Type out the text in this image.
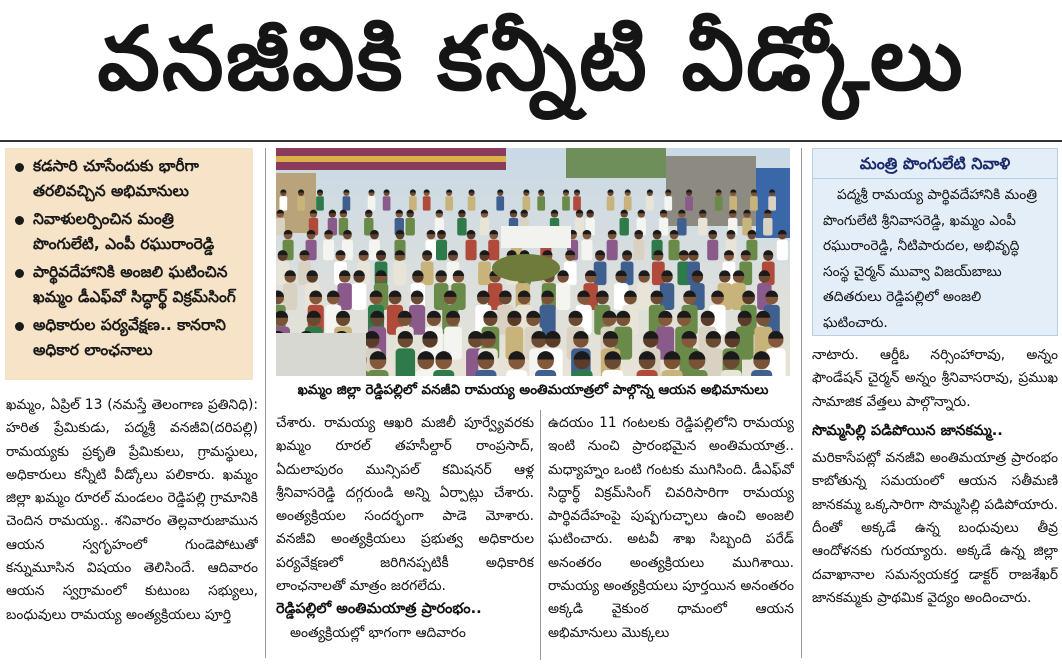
వనజీవికి కన్నీటి వీడ్కోలు
కడసారి చూసేందుకు భారీగా తరలివచ్చిన అభిమానులు
నివాళులర్పించిన మంత్రి పొంగులేటి, ఎంపీ రఘురాంరెడ్డి
పార్థివదేహానికి అంజలి ఘటించిన ఖమ్మం డీఎఫ్‌వో సిద్ధార్థ్ విక్రమ్‌సింగ్
అధికారుల పర్యవేక్షణ.. కానరాని అధికార లాంఛనాలు
ఖమ్మం జిల్లా రెడ్డిపల్లిలో వనజీవి రామయ్య అంతిమయాత్రలో పాల్గొన్న ఆయన అభిమానులు
మంత్రి పొంగులేటి నివాళి

పద్మశ్రీ రామయ్య పార్థివదేహానికి మంత్రి పొంగులేటి శ్రీనివాసరెడ్డి, ఖమ్మం ఎంపీ రఘురాంరెడ్డి, నీటిపారుదల, అభివృద్ధి సంస్థ చైర్మన్ మువ్వా విజయ్‌బాబు తదితరులు రెడ్డిపల్లిలో అంజలి ఘటించారు.

ఖమ్మం, ఏప్రిల్ 13 (నమస్తే తెలంగాణ ప్రతినిధి): హరిత ప్రేమికుడు, పద్మశ్రీ వనజీవి(దరిపల్లి) రామయ్యకు ప్రకృతి ప్రేమికులు, గ్రామస్థులు, అధికారులు కన్నీటి వీడ్కోలు పలికారు. ఖమ్మం జిల్లా ఖమ్మం రూరల్ మండలం రెడ్డిపల్లి గ్రామానికి చెందిన రామయ్య.. శనివారం తెల్లవారుజామున ఆయన స్వగృహంలో గుండెపోటుతో కన్నుమూసిన విషయం తెలిసిందే. ఆదివారం ఆయన స్వగ్రామంలో కుటుంబ సభ్యులు, బంధువులు రామయ్య అంత్యక్రియలు పూర్తి

చేశారు. రామయ్య ఆఖరి మజిలీ పూర్వ్యేవరకు ఖమ్మం రూరల్ తహసీల్దార్ రాంప్రసాద్, ఏదులాపురం మున్సిపల్ కమిషనర్ ఆళ్ల శ్రీనివాసరెడ్డి దగ్గరుండి అన్ని ఏర్పాట్లు చేశారు. అంత్యక్రియల సందర్భంగా పాడె మోశారు. వనజీవి అంత్యక్రియలు ప్రభుత్వ అధికారుల పర్యవేక్షణలో జరిగినప్పటికీ అధికారిక లాంఛనాలతో మాత్రం జరగలేదు.

రెడ్డిపల్లిలో అంతిమయాత్ర ప్రారంభం..

అంత్యక్రియల్లో భాగంగా ఆదివారం

ఉదయం 11 గంటలకు రెడ్డిపల్లిలోని రామయ్య ఇంటి నుంచి ప్రారంభమైన అంతిమయాత్ర.. మధ్యాహ్నం ఒంటి గంటకు ముగిసింది. డీఎఫ్‌వో సిద్ధార్థ్ విక్రమ్‌సింగ్ చివరిసారిగా రామయ్య పార్థివదేహంపై పుష్పగుచ్ఛాలు ఉంచి అంజలి ఘటించారు. అటవీ శాఖ సిబ్బంది పరేడ్ అనంతరం అంత్యక్రియలు ముగిశాయి. రామయ్య అంత్యక్రియలు పూర్తయిన అనంతరం అక్కడి వైకుంఠ ధామంలో ఆయన అభిమానులు మొక్కలు

నాటారు. ఆర్డీఓ నర్సింహారావు, అన్నం ఫౌండేషన్ చైర్మన్ అన్నం శ్రీనివాసరావు, ప్రముఖ సామాజిక వేత్తలు పాల్గొన్నారు.

సొమ్మసిల్లి పడిపోయిన జానకమ్మ..

మరికాసేపట్లో వనజీవి అంతిమయాత్ర ప్రారంభం కాబోతున్న సమయంలో ఆయన సతీమణి జానకమ్మ ఒక్కసారిగా సొమ్మసిల్లి పడిపోయారు. దీంతో అక్కడే ఉన్న బంధువులు తీవ్ర ఆందోళనకు గురయ్యారు. అక్కడే ఉన్న జిల్లా దవాఖానాల సమన్వయకర్త డాక్టర్ రాజశేఖర్ జానకమ్మకు ప్రాథమిక వైద్యం అందించారు.
